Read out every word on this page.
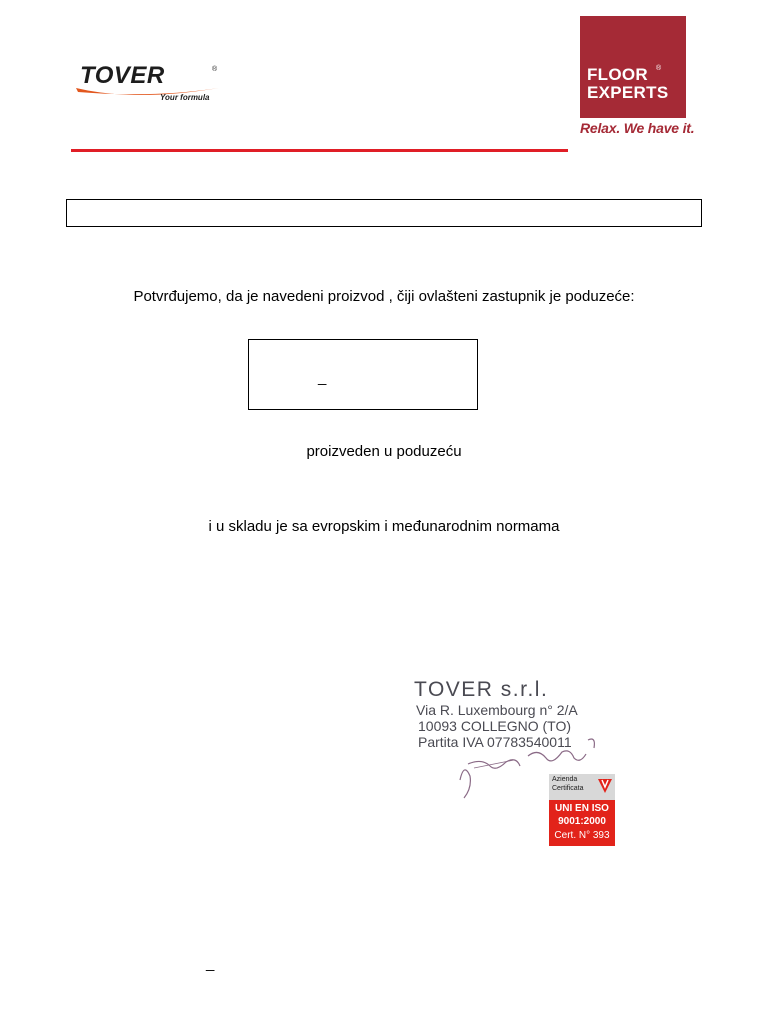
TOVER	®
Your formula
FLOOR ®
EXPERTS
Relax. We have it.
Potvrđujemo, da je navedeni proizvod , čiji ovlašteni zastupnik je poduzeće:
_
proizveden u poduzeću
i u skladu je sa evropskim i međunarodnim normama
TOVER s.r.l.
Via R. Luxembourg n° 2/A
10093 COLLEGNO (TO)
Partita IVA 07783540011
Azienda Certificata
UNI EN ISO
9001:2000
Cert. N° 393
_
